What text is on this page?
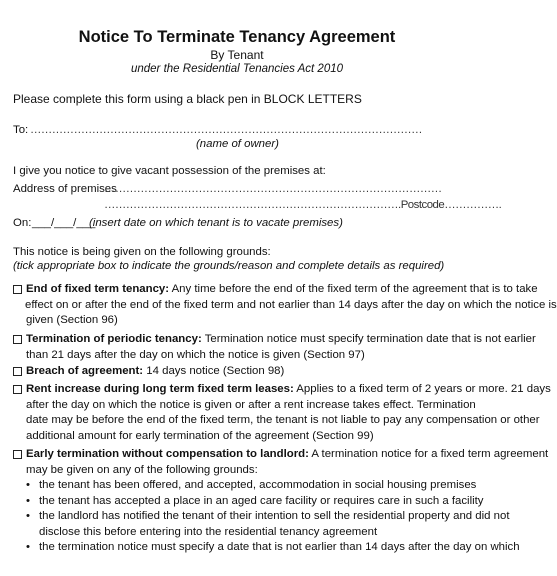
Notice To Terminate Tenancy Agreement
By Tenant
under the Residential Tenancies Act 2010
Please complete this form using a black pen in BLOCK LETTERS
To: ………………………………………………………………………………………………
(name of owner)
I give you notice to give vacant possession of the premises at:
Address of premises
…………………………………………………………………………………
……………………………………………………………………….Postcode…………….
On: ___/___/___
(insert date on which tenant is to vacate premises)
This notice is being given on the following grounds:
(tick appropriate box to indicate the grounds/reason and complete details as required)
End of fixed term tenancy: Any time before the end of the fixed term of the agreement that is to take
effect on or after the end of the fixed term and not earlier than 14 days after the day on which the notice is
given (Section 96)
Termination of periodic tenancy: Termination notice must specify termination date that is not earlier
than 21 days after the day on which the notice is given (Section 97)
Breach of agreement: 14 days notice (Section 98)
Rent increase during long term fixed term leases: Applies to a fixed term of 2 years or more. 21 days
after the day on which the notice is given or after a rent increase takes effect. Termination
date may be before the end of the fixed term, the tenant is not liable to pay any compensation or other
additional amount for early termination of the agreement (Section 99)
Early termination without compensation to landlord: A termination notice for a fixed term agreement
may be given on any of the following grounds:
• the tenant has been offered, and accepted, accommodation in social housing premises
• the tenant has accepted a place in an aged care facility or requires care in such a facility
• the landlord has notified the tenant of their intention to sell the residential property and did not
disclose this before entering into the residential tenancy agreement
• the termination notice must specify a date that is not earlier than 14 days after the day on which
